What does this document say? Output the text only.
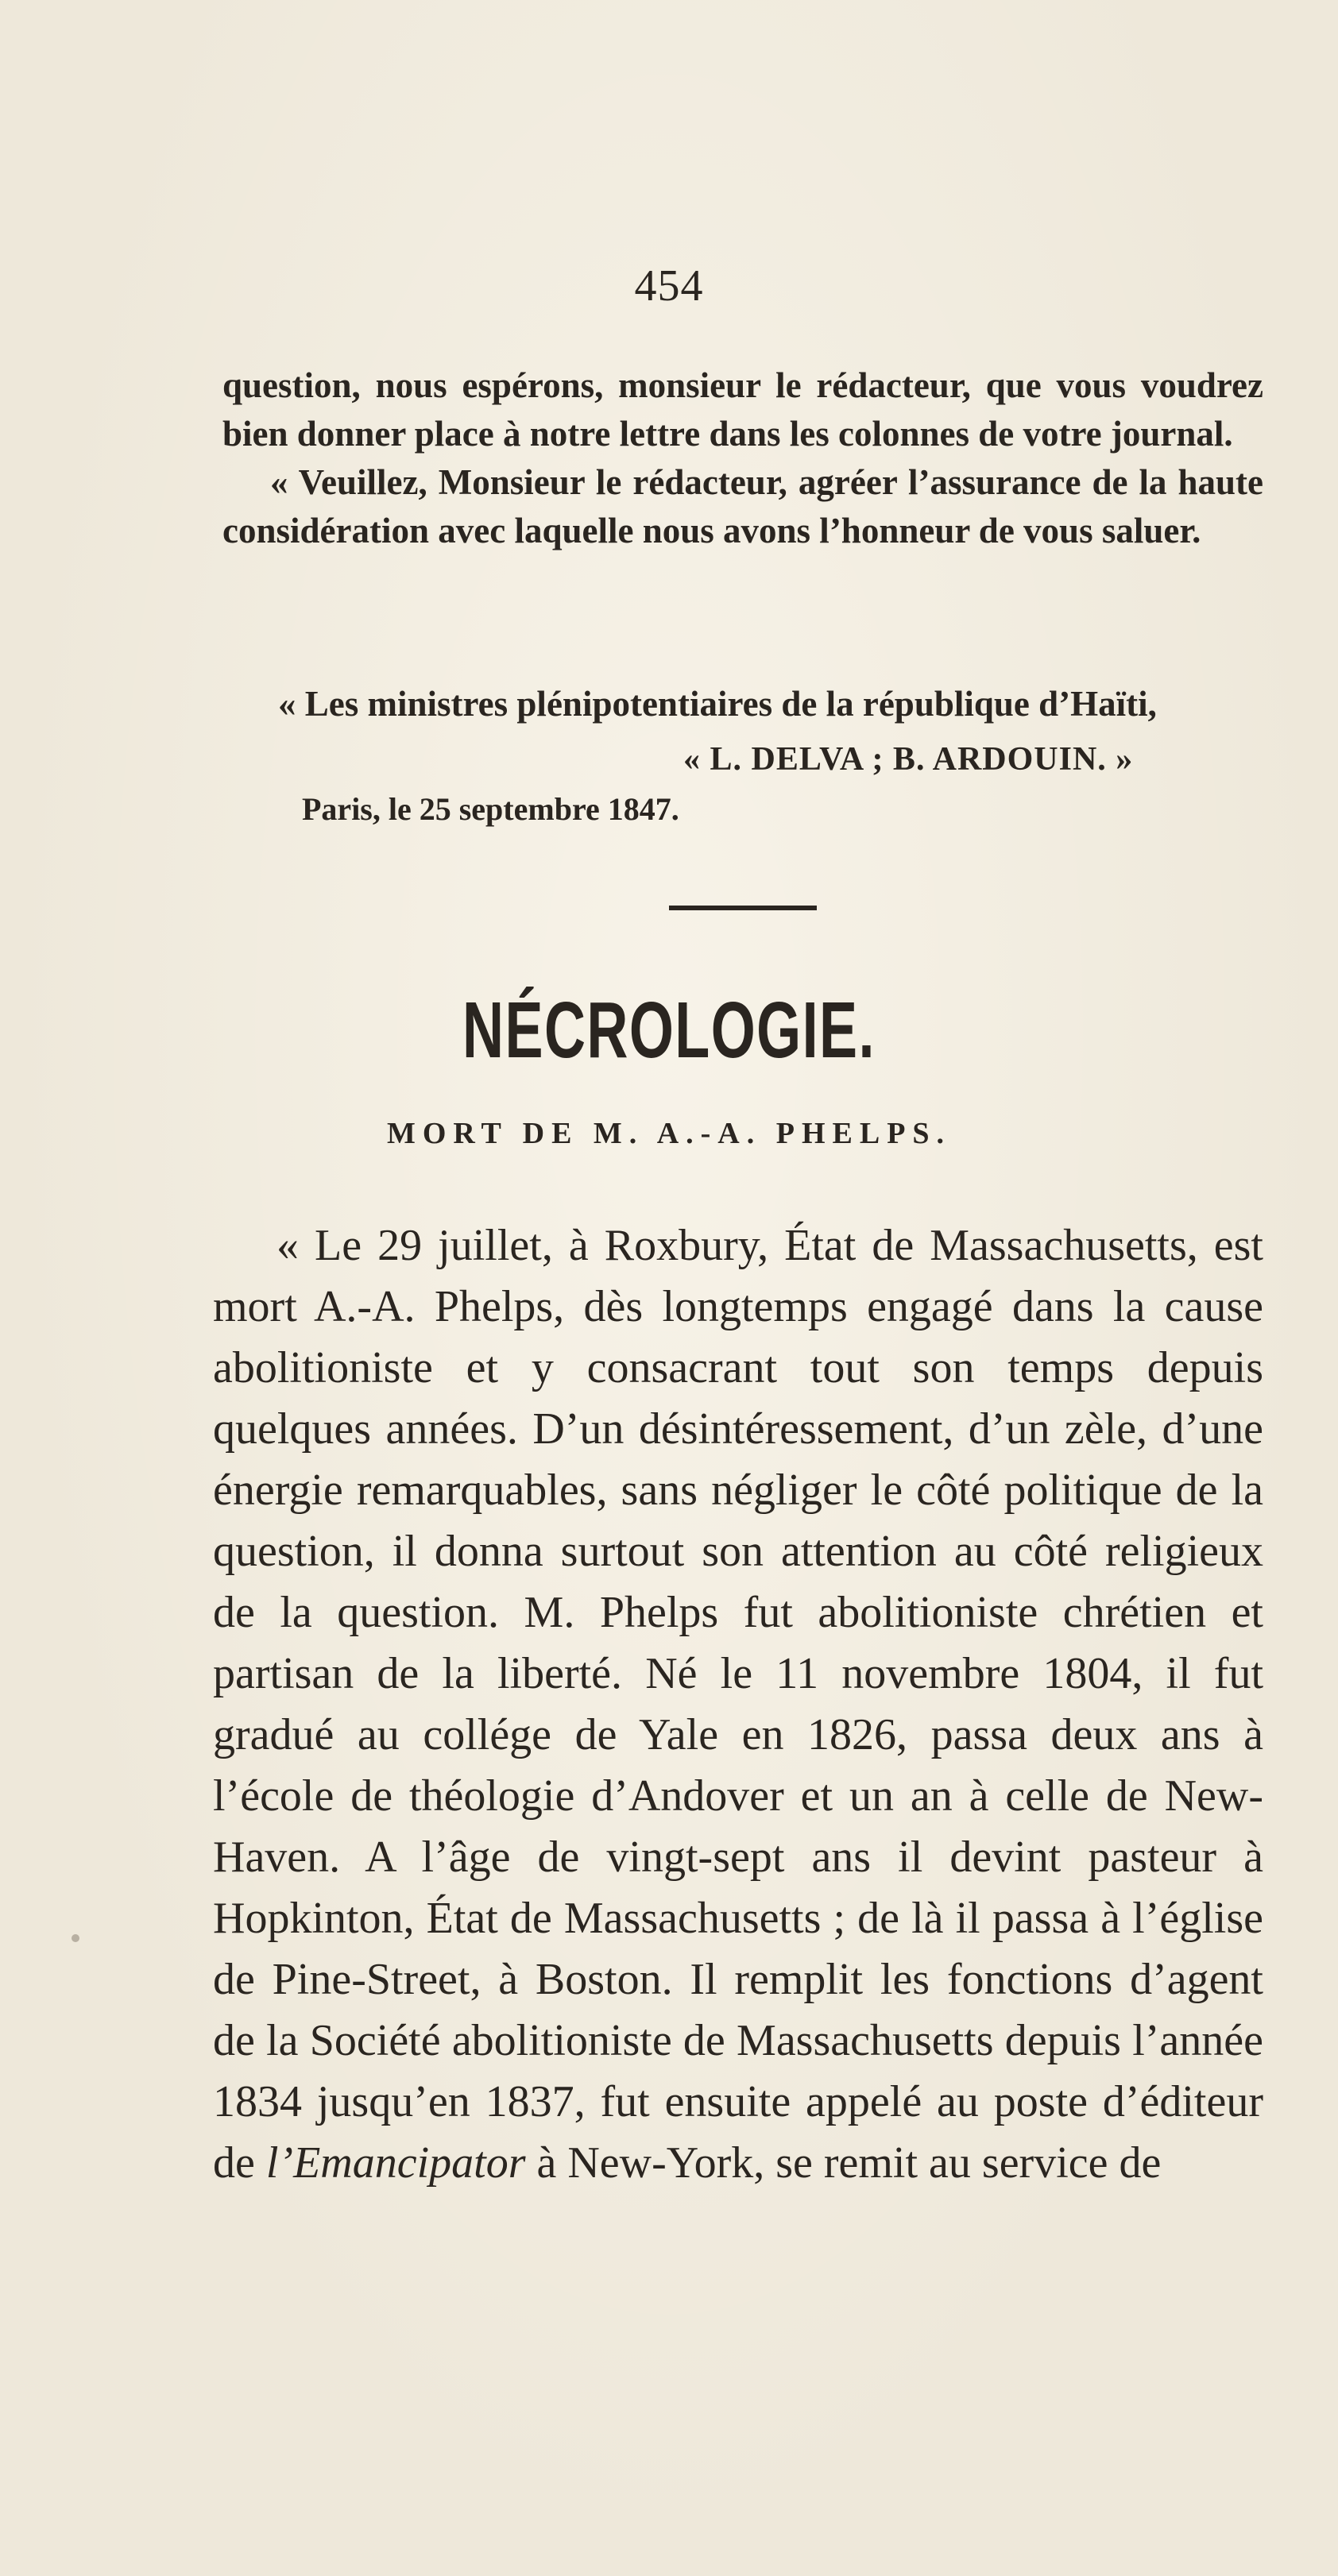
454

question, nous espérons, monsieur le rédacteur, que vous voudrez bien donner place à notre lettre dans les colonnes de votre journal.

« Veuillez, Monsieur le rédacteur, agréer l’assurance de la haute considération avec laquelle nous avons l’honneur de vous saluer.

« Les ministres plénipotentiaires de la république d’Haïti,
« L. DELVA ; B. ARDOUIN. »
Paris, le 25 septembre 1847.
NÉCROLOGIE.
MORT DE M. A.-A. PHELPS.

« Le 29 juillet, à Roxbury, État de Massachusetts, est mort A.-A. Phelps, dès longtemps engagé dans la cause abolitioniste et y consacrant tout son temps depuis quelques années. D’un désintéressement, d’un zèle, d’une énergie remarquables, sans négliger le côté politique de la question, il donna surtout son attention au côté religieux de la question. M. Phelps fut abolitioniste chrétien et partisan de la liberté. Né le 11 novembre 1804, il fut gradué au collége de Yale en 1826, passa deux ans à l’école de théologie d’Andover et un an à celle de New-Haven. A l’âge de vingt-sept ans il devint pasteur à Hopkinton, État de Massachusetts ; de là il passa à l’église de Pine-Street, à Boston. Il remplit les fonctions d’agent de la Société abolitioniste de Massachusetts depuis l’année 1834 jusqu’en 1837, fut ensuite appelé au poste d’éditeur de l’Emancipator à New-York, se remit au service de
